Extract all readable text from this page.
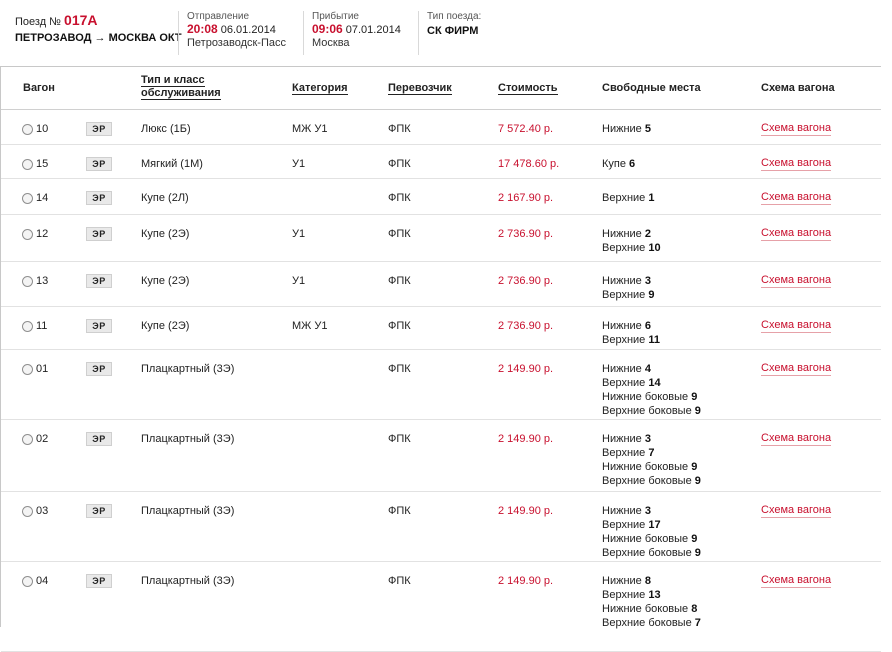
Поезд № 017А
ПЕТРОЗАВОД → МОСКВА ОКТ
Отправление
20:08 06.01.2014
Петрозаводск-Пасс
Прибытие
09:06 07.01.2014
Москва
Тип поезда:
СК ФИРМ
Вагон
Тип и класс
обслуживания	Категория	Перевозчик	Стоимость	Свободные места	Схема вагона
10	ЭР	Люкс (1Б)	МЖ У1	ФПК	7 572.40 р.	Нижние 5	Схема вагона
15	ЭР	Мягкий (1М)	У1	ФПК	17 478.60 р.	Купе 6	Схема вагона
14	ЭР	Купе (2Л)	ФПК	2 167.90 р.	Верхние 1	Схема вагона
12	ЭР	Купе (2Э)	У1	ФПК	2 736.90 р.	Нижние 2
Верхние 10
Схема вагона
13	ЭР	Купе (2Э)	У1	ФПК	2 736.90 р.	Нижние 3
Верхние 9
Схема вагона
11	ЭР	Купе (2Э)	МЖ У1	ФПК	2 736.90 р.	Нижние 6
Верхние 11
Схема вагона
01	ЭР	Плацкартный (3Э)	ФПК	2 149.90 р.	Нижние 4
Верхние 14
Нижние боковые 9
Верхние боковые 9
Схема вагона
02	ЭР	Плацкартный (3Э)	ФПК	2 149.90 р.	Нижние 3
Верхние 7
Нижние боковые 9
Верхние боковые 9
Схема вагона
03	ЭР	Плацкартный (3Э)	ФПК	2 149.90 р.	Нижние 3
Верхние 17
Нижние боковые 9
Верхние боковые 9
Схема вагона
04	ЭР	Плацкартный (3Э)	ФПК	2 149.90 р.	Нижние 8
Верхние 13
Нижние боковые 8
Верхние боковые 7
Схема вагона
